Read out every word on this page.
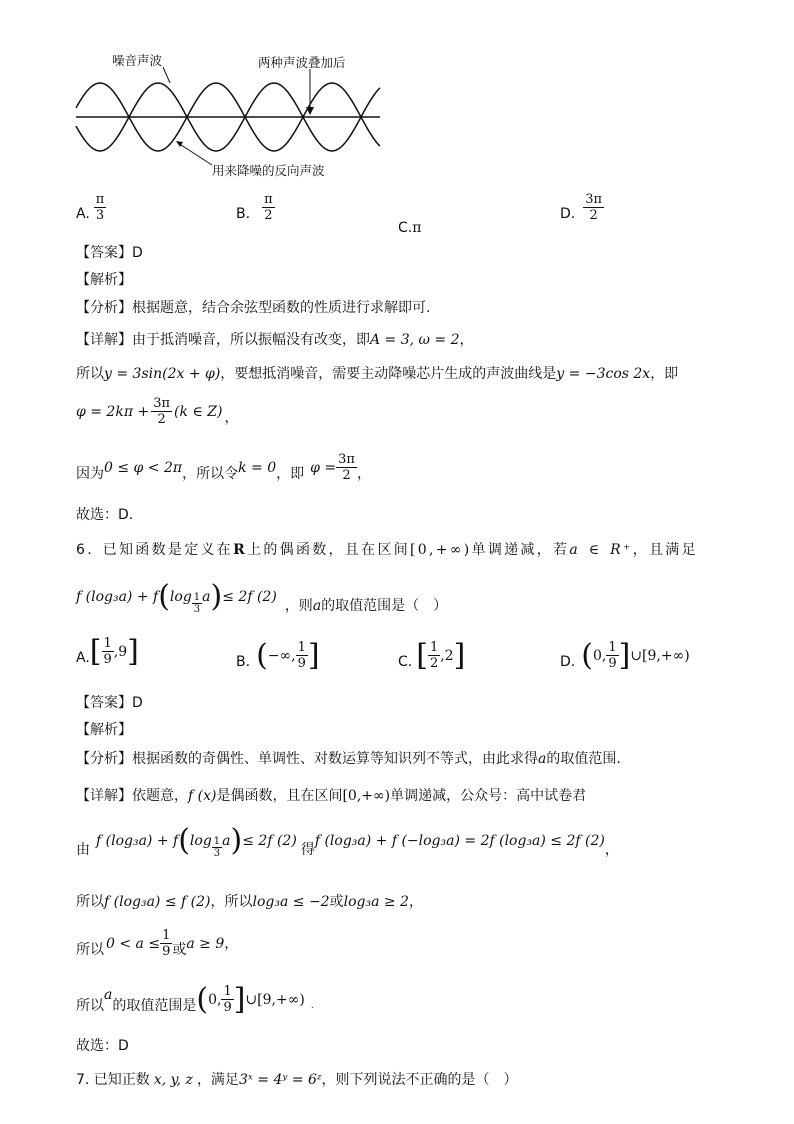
噪音声波	两种声波叠加后
用来降噪的反向声波
A. $\frac{\pi}{3}$	B. $\frac{\pi}{2}$
C.π
D. $\frac{3\pi}{2}$
【答案】D
【解析】
【分析】根据题意，结合余弦型函数的性质进行求解即可.
【详解】由于抵消噪音，所以振幅没有改变，即A = 3, ω = 2，
所以y = 3sin(2x + φ)，要想抵消噪音，需要主动降噪芯片生成的声波曲线是y = −3cos 2x，即
$\varphi = 2k\pi + \frac{3\pi}{2} (k$ ∈ Z) ，
因为 0 ≤ φ < 2π ，所以令 k = 0 ，即 $\varphi = \frac{3\pi}{2}$ ，
故选：D.
6. 已知函数是定义在R上的偶函数，且在区间[0,+∞)单调递减，若a ∈ R⁺，且满足
f (log₃a) + f ( $\log \frac{1}{3}$ a ) ≤ 2f (2)
，则 a 的取值范围是（　）
A. [ $\frac{1}{9} ,9$ ]	B. ( −∞, $\frac{1}{9}$ ]	C. [ $\frac{1}{2} ,2$ ]	D. ( 0, $\frac{1}{9}$ ] ∪[9,+∞)
【答案】D
【解析】
【分析】根据函数的奇偶性、单调性、对数运算等知识列不等式，由此求得a的取值范围.
【详解】依题意，f (x)是偶函数，且在区间[0,+∞)单调递减，公众号：高中试卷君
由
f (log₃a) + f ( $\log \frac{1}{3}$ a ) ≤ 2f (2)
得
f (log₃a) + f (−log₃a) = 2f (log₃a) ≤ 2f (2)
，
所以f (log₃a) ≤ f (2)，所以log₃a ≤ −2或log₃a ≥ 2，
所以 $0 < a \le \frac{1}{9}$ 或 a ≥ 9 ，
所以
a
的取值范围是 ( 0, $\frac{1}{9}$ ] ∪[9,+∞) .
故选：D
7. 已知正数 x, y, z ，满足3ˣ = 4ʸ = 6ᶻ，则下列说法不正确的是（　）
